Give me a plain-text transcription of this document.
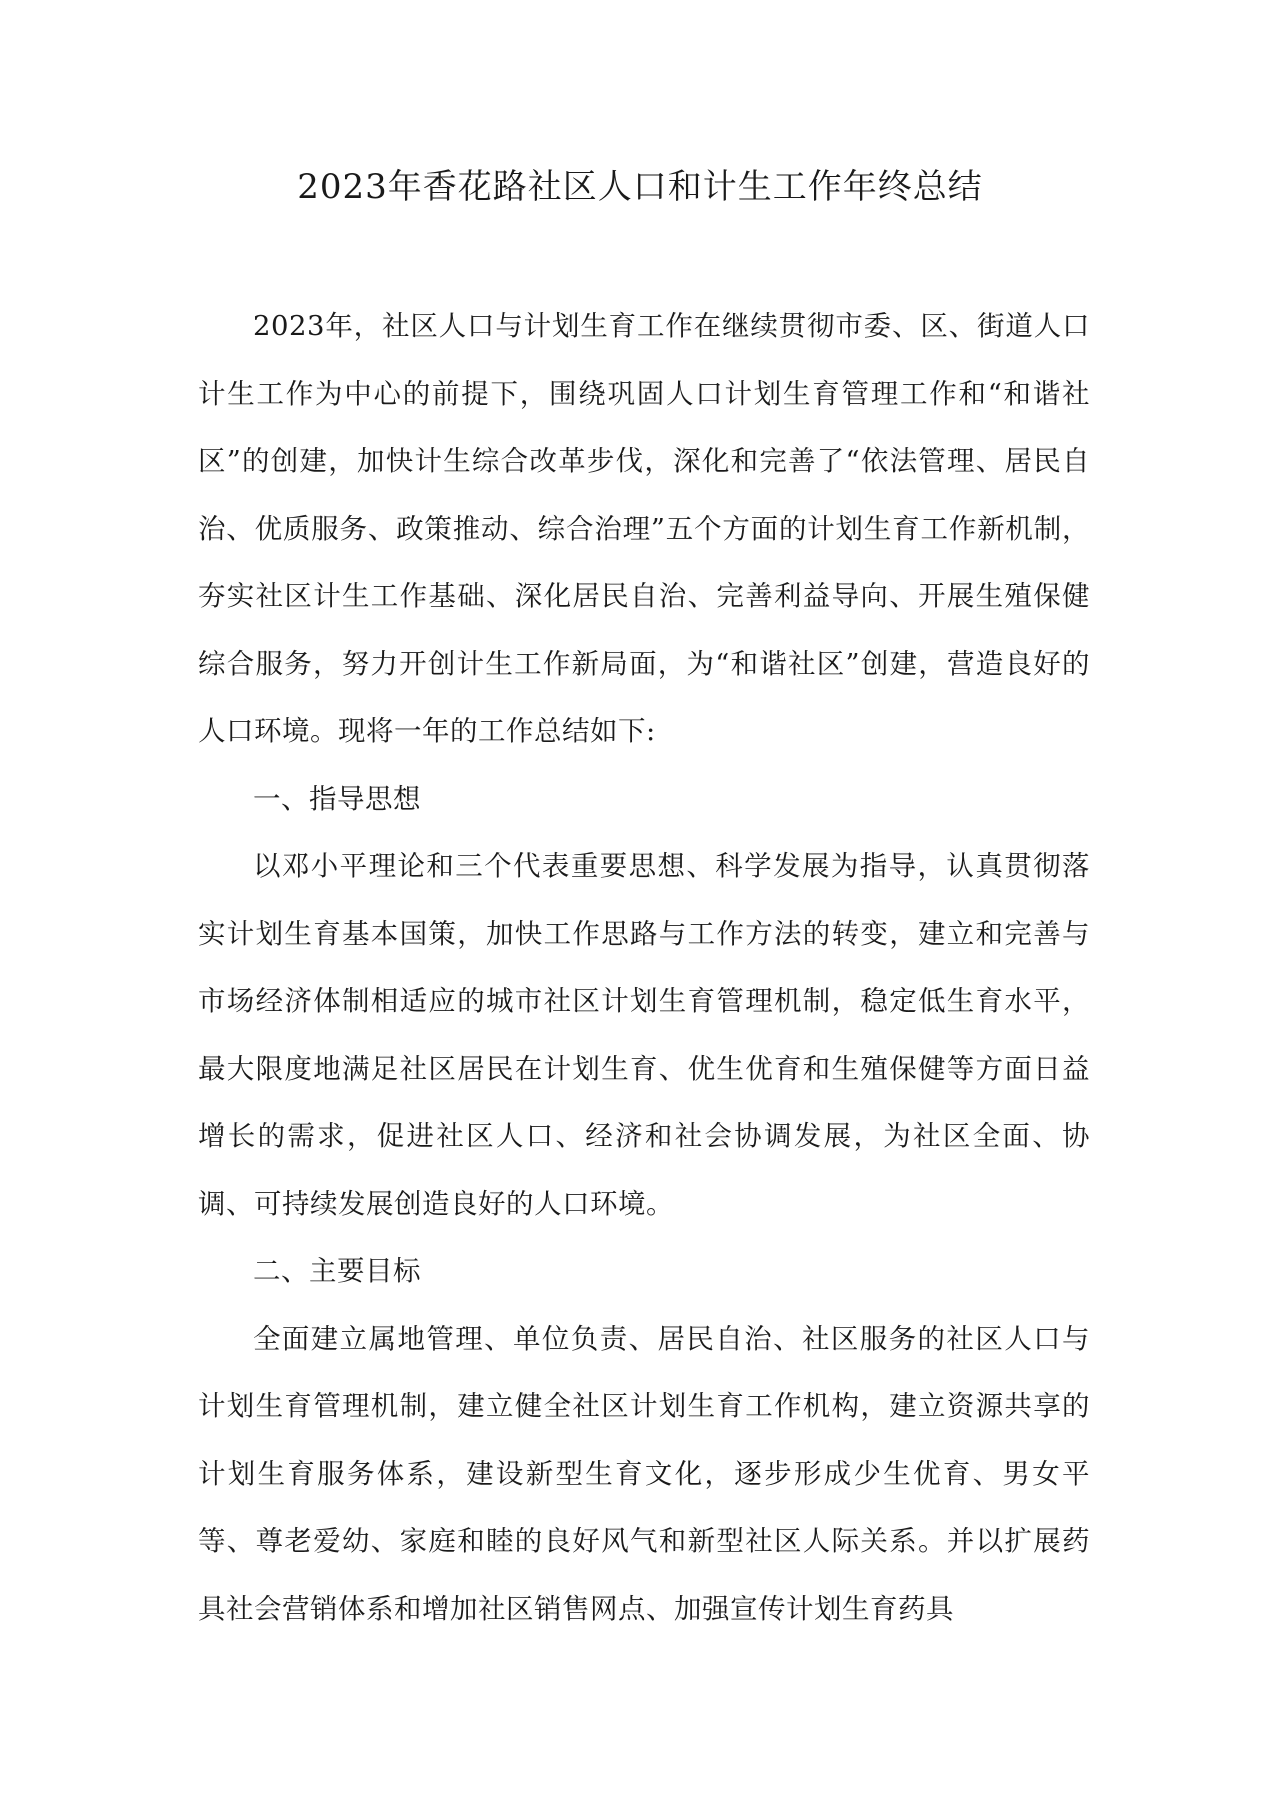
2023年香花路社区人口和计生工作年终总结

2023年，社区人口与计划生育工作在继续贯彻市委、区、街道人口计生工作为中心的前提下，围绕巩固人口计划生育管理工作和“和谐社区”的创建，加快计生综合改革步伐，深化和完善了“依法管理、居民自治、优质服务、政策推动、综合治理”五个方面的计划生育工作新机制，夯实社区计生工作基础、深化居民自治、完善利益导向、开展生殖保健综合服务，努力开创计生工作新局面，为“和谐社区”创建，营造良好的人口环境。现将一年的工作总结如下:

一、指导思想

以邓小平理论和三个代表重要思想、科学发展为指导，认真贯彻落实计划生育基本国策，加快工作思路与工作方法的转变，建立和完善与市场经济体制相适应的城市社区计划生育管理机制，稳定低生育水平，最大限度地满足社区居民在计划生育、优生优育和生殖保健等方面日益增长的需求，促进社区人口、经济和社会协调发展，为社区全面、协调、可持续发展创造良好的人口环境。

二、主要目标

全面建立属地管理、单位负责、居民自治、社区服务的社区人口与计划生育管理机制，建立健全社区计划生育工作机构，建立资源共享的计划生育服务体系，建设新型生育文化，逐步形成少生优育、男女平等、尊老爱幼、家庭和睦的良好风气和新型社区人际关系。并以扩展药具社会营销体系和增加社区销售网点、加强宣传计划生育药具
